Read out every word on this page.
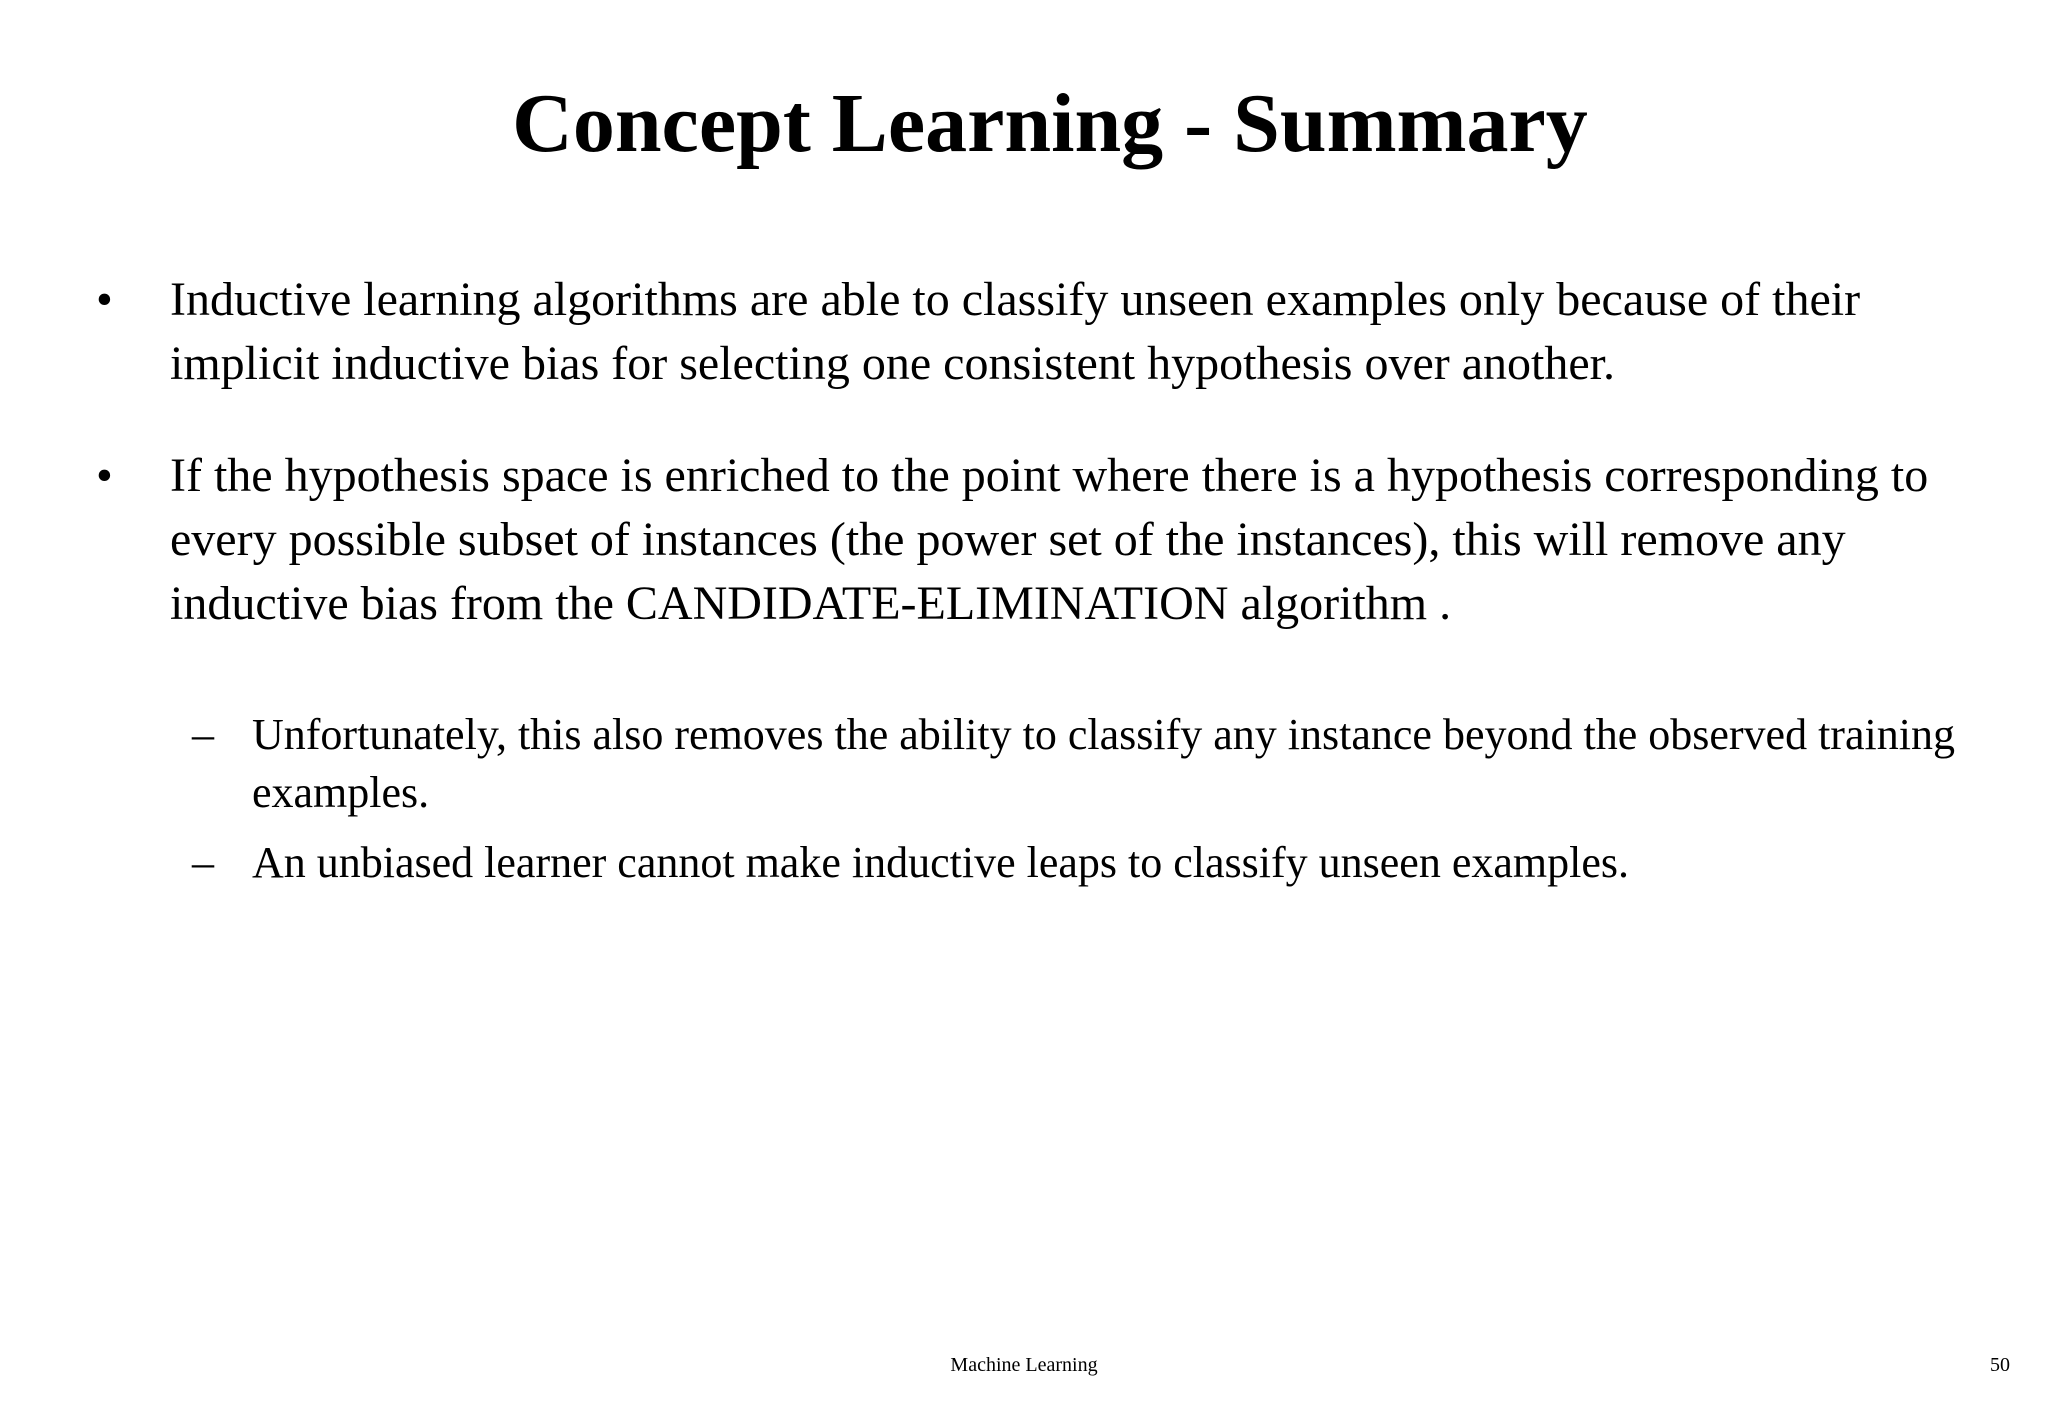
Concept Learning - Summary
• Inductive learning algorithms are able to classify unseen examples only because of their implicit inductive bias for selecting one consistent hypothesis over another.
• If the hypothesis space is enriched to the point where there is a hypothesis corresponding to every possible subset of instances (the power set of the instances), this will remove any inductive bias from the CANDIDATE-ELIMINATION algorithm .
– Unfortunately, this also removes the ability to classify any instance beyond the observed training examples.
– An unbiased learner cannot make inductive leaps to classify unseen examples.
Machine Learning	50
